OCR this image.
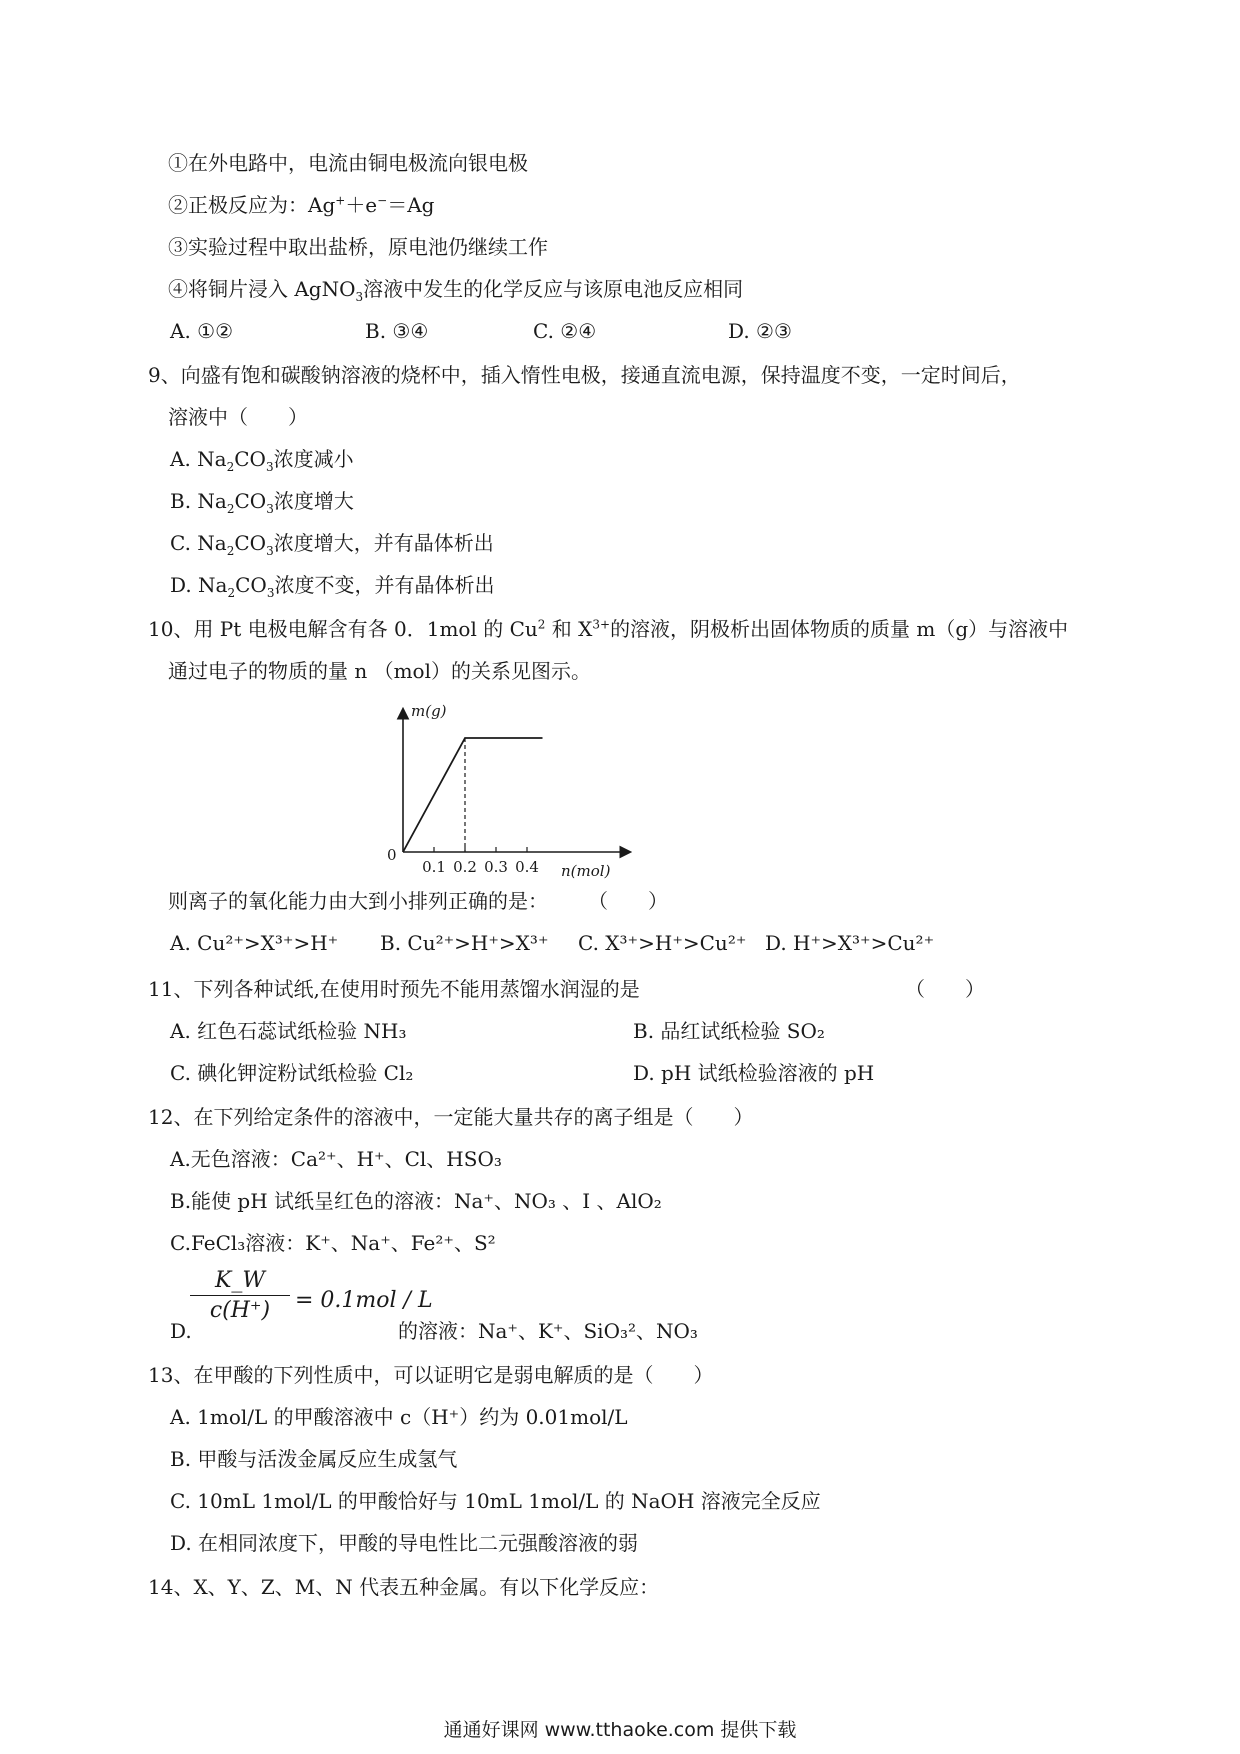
①在外电路中，电流由铜电极流向银电极
②正极反应为：Ag+＋e−＝Ag
③实验过程中取出盐桥，原电池仍继续工作
④将铜片浸入 AgNO$_3$溶液中发生的化学反应与该原电池反应相同
A. ①②	B. ③④	C. ②④	D. ②③
9、向盛有饱和碳酸钠溶液的烧杯中，插入惰性电极，接通直流电源，保持温度不变，一定时间后，
溶液中（　　）
A. $Na_2CO_3$浓度减小
B. $Na_2CO_3$浓度增大
C. $Na_2CO_3$浓度增大，并有晶体析出
D. $Na_2CO_3$浓度不变，并有晶体析出
10、用 Pt 电极电解含有各 0．1mol 的 Cu$^2$ 和 $X^{3+}$的溶液，阴极析出固体物质的质量 m（g）与溶液中
通过电子的物质的量 n （mol）的关系见图示。
m(g)
0
0.1 0.2 0.3 0.4 n(mol)
则离子的氧化能力由大到小排列正确的是：　　　（　　）
A. Cu²⁺>X³⁺>H⁺ B. Cu²⁺>H⁺>X³⁺ C. X³⁺>H⁺>Cu²⁺ D. H⁺>X³⁺>Cu²⁺
11、下列各种试纸,在使用时预先不能用蒸馏水润湿的是	（　　）
A. 红色石蕊试纸检验 NH₃	B. 品红试纸检验 SO₂
C. 碘化钾淀粉试纸检验 Cl₂	D. pH 试纸检验溶液的 pH
12、在下列给定条件的溶液中，一定能大量共存的离子组是（　　）
A.无色溶液：Ca²⁺、H⁺、Cl、HSO₃
B.能使 pH 试纸呈红色的溶液：Na⁺、NO₃ 、I 、AlO₂
C.FeCl₃溶液：K⁺、Na⁺、Fe²⁺、S²
D.
$\frac{K\_W}{c(H^+)} = 0.1mol / L$
的溶液：Na⁺、K⁺、SiO₃²、NO₃
13、在甲酸的下列性质中，可以证明它是弱电解质的是（　　）
A. 1mol/L 的甲酸溶液中 c（H⁺）约为 0.01mol/L
B. 甲酸与活泼金属反应生成氢气
C. 10mL 1mol/L 的甲酸恰好与 10mL 1mol/L 的 NaOH 溶液完全反应
D. 在相同浓度下，甲酸的导电性比二元强酸溶液的弱
14、X、Y、Z、M、N 代表五种金属。有以下化学反应：
通通好课网 www.tthaoke.com 提供下载
